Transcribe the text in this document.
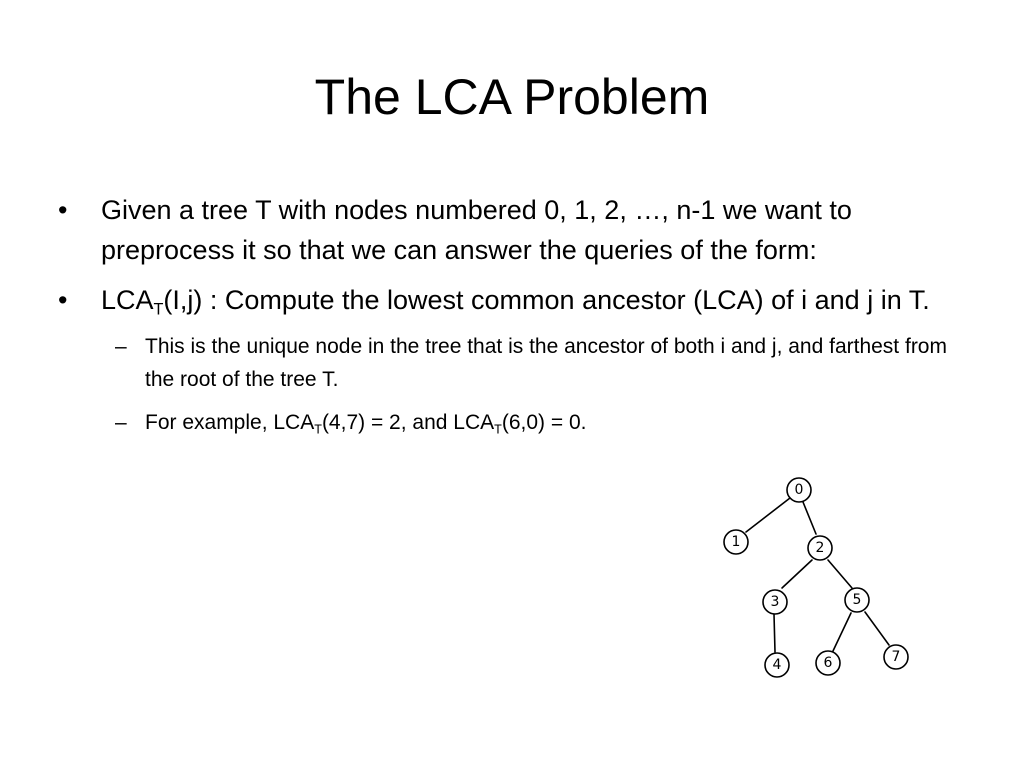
The LCA Problem
•	Given a tree T with nodes numbered 0, 1, 2, …, n-1 we want to preprocess it so that we can answer the queries of the form:
•	$LCA_T(I,j)$ : Compute the lowest common ancestor (LCA) of i and j in T.
– This is the unique node in the tree that is the ancestor of both i and j, and farthest from the root of the tree T.
– For example, $LCA_T(4,7) = 2$, and $LCA_T(6,0) = 0$.
0
1	2
3	5
4	6	7
